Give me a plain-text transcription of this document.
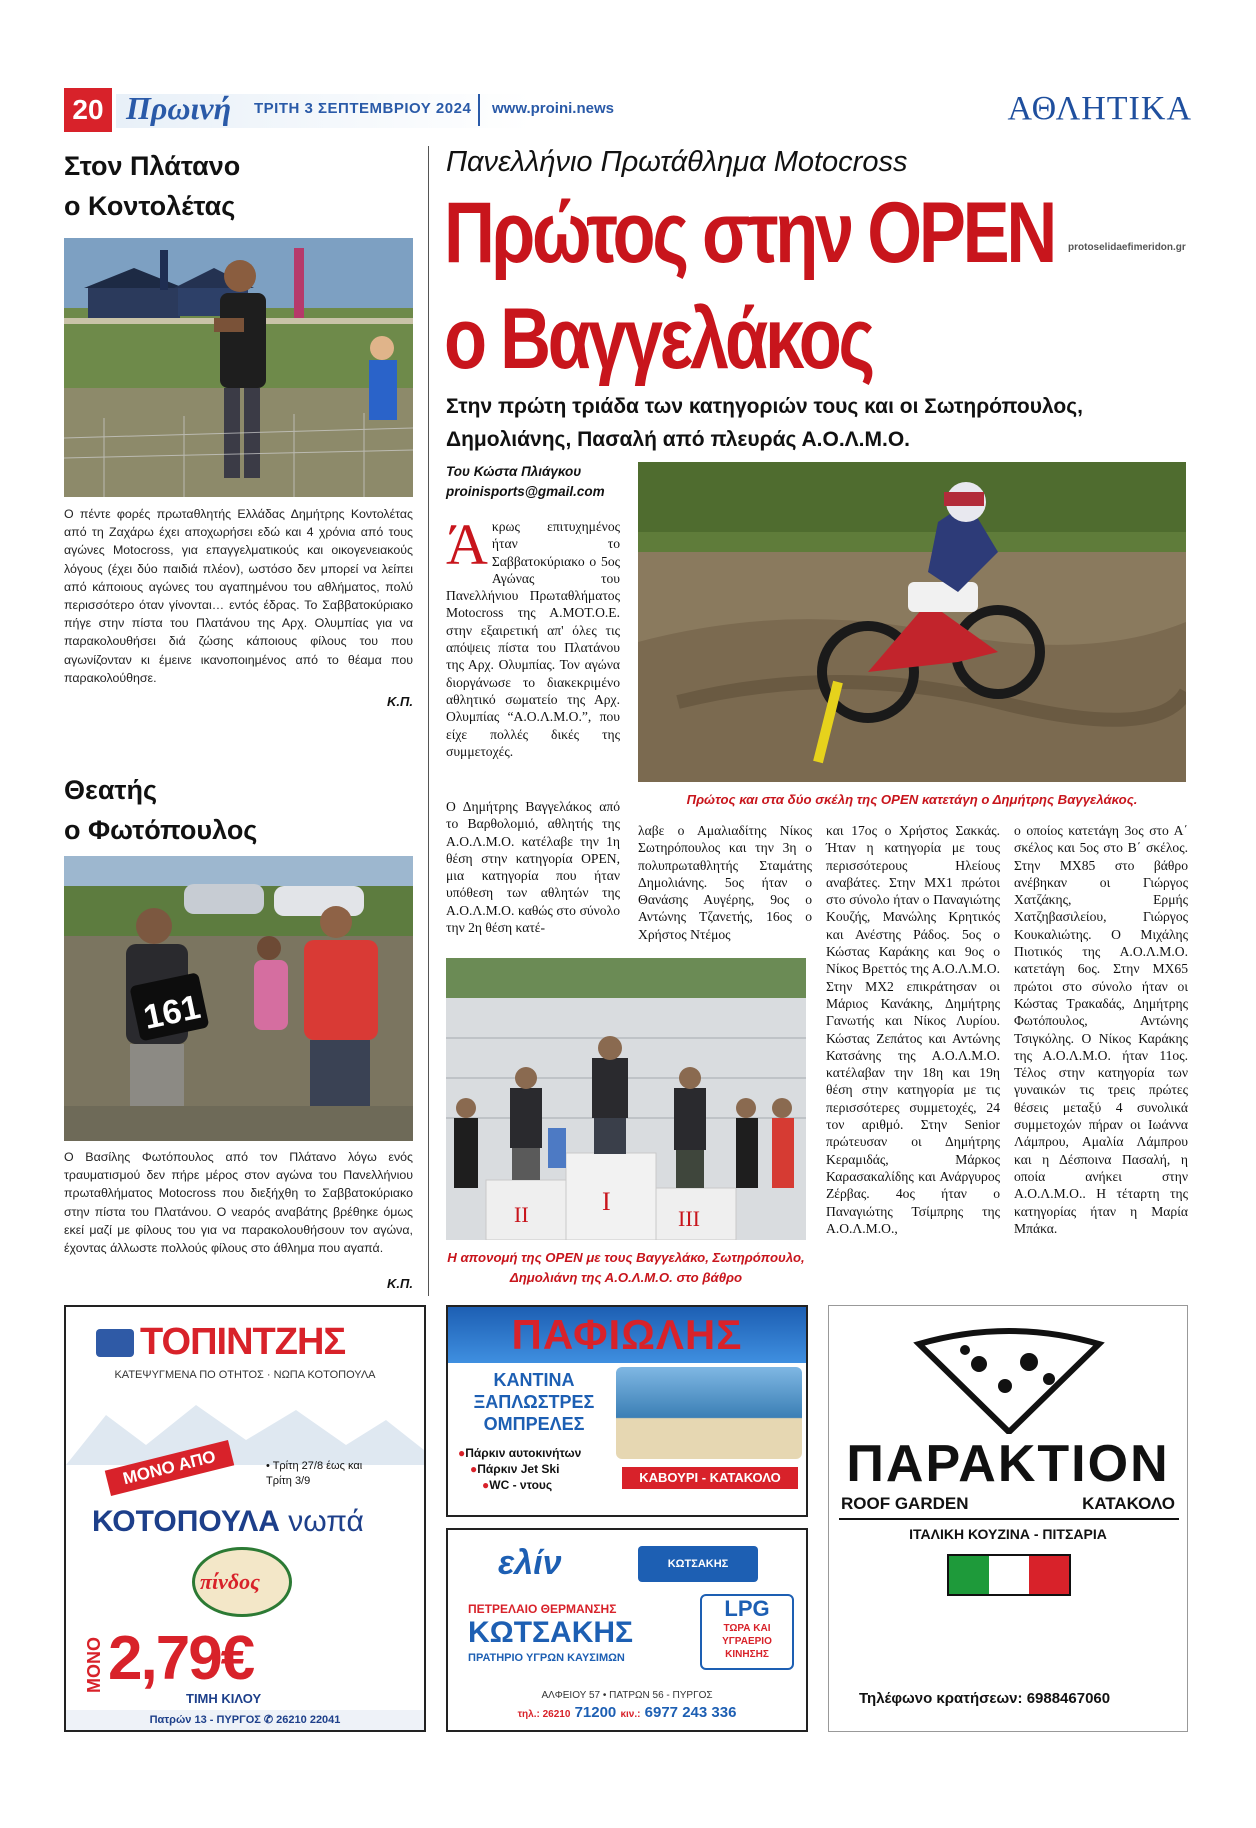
20 Πρωινή ΤΡΙΤΗ 3 ΣΕΠΤΕΜΒΡΙΟΥ 2024 www.proini.news	ΑΘΛΗΤΙΚΑ
Στον Πλάτανο
ο Κοντολέτας
Ο πέντε φορές πρωταθλητής Ελλάδας Δημήτρης Κοντολέτας από τη Ζαχάρω έχει αποχωρήσει εδώ και 4 χρόνια από τους αγώνες Motocross, για επαγγελματικούς και οικογενειακούς λόγους (έχει δύο παιδιά πλέον), ωστόσο δεν μπορεί να λείπει από κάποιους αγώνες του αγαπημένου του αθλήματος, πολύ περισσότερο όταν γίνονται… εντός έδρας. Το Σαββατοκύριακο πήγε στην πίστα του Πλατάνου της Αρχ. Ολυμπίας για να παρακολουθήσει διά ζώσης κάποιους φίλους του που αγωνίζονταν κι έμεινε ικανοποιημένος από το θέαμα που παρακολούθησε.
Κ.Π.
Θεατής
ο Φωτόπουλος
161
Ο Βασίλης Φωτόπουλος από τον Πλάτανο λόγω ενός τραυματισμού δεν πήρε μέρος στον αγώνα του Πανελλήνιου πρωταθλήματος Motocross που διεξήχθη το Σαββατοκύριακο στην πίστα του Πλατάνου. Ο νεαρός αναβάτης βρέθηκε όμως εκεί μαζί με φίλους του για να παρακολουθήσουν τον αγώνα, έχοντας άλλωστε πολλούς φίλους στο άθλημα που αγαπά.
Κ.Π.
Πανελλήνιο Πρωτάθλημα Motocross
Πρώτος στην OPEN
ο Βαγγελάκος
protoselidaefimeridon.gr
Στην πρώτη τριάδα των κατηγοριών τους και οι Σωτηρόπουλος, Δημολιάνης, Πασαλή από πλευράς Α.Ο.Λ.Μ.Ο.
Του Κώστα Πλιάγκου
proinisports@gmail.com
Άκρως επιτυχημένος ήταν το Σαββατοκύριακο ο 5ος Αγώνας του Πανελλήνιου Πρωταθλήματος Motocross της Α.ΜΟΤ.Ο.Ε. στην εξαιρετική απ' όλες τις απόψεις πίστα του Πλατάνου της Αρχ. Ολυμπίας. Τον αγώνα διοργάνωσε το διακεκριμένο αθλητικό σωματείο της Αρχ. Ολυμπίας “Α.Ο.Λ.Μ.Ο.”, που είχε πολλές δικές της συμμετοχές.
Ο Δημήτρης Βαγγελάκος από το Βαρθολομιό, αθλητής της Α.Ο.Λ.Μ.Ο. κατέλαβε την 1η θέση στην κατηγορία OPEN, μια κατηγορία που ήταν υπόθεση των αθλητών της Α.Ο.Λ.Μ.Ο. καθώς στο σύνολο την 2η θέση κατέ-
Πρώτος και στα δύο σκέλη της OPEN κατετάγη ο Δημήτρης Βαγγελάκος.
λαβε ο Αμαλιαδίτης Νίκος Σωτηρόπουλος και την 3η ο πολυπρωταθλητής Σταμάτης Δημολιάνης. 5ος ήταν ο Θανάσης Αυγέρης, 9ος ο Αντώνης Τζανετής, 16ος ο Χρήστος Ντέμος
και 17ος ο Χρήστος Σακκάς. Ήταν η κατηγορία με τους περισσότερους Ηλείους αναβάτες. Στην MX1 πρώτοι στο σύνολο ήταν ο Παναγιώτης Κουζής, Μανώλης Κρητικός και Ανέστης Ράδος. 5ος ο Κώστας Καράκης και 9ος ο Νίκος Βρεττός της Α.Ο.Λ.Μ.Ο. Στην MX2 επικράτησαν οι Μάριος Κανάκης, Δημήτρης Γανωτής και Νίκος Λυρίου. Κώστας Ζεπάτος και Αντώνης Κατσάνης της Α.Ο.Λ.Μ.Ο. κατέλαβαν την 18η και 19η θέση στην κατηγορία με τις περισσότερες συμμετοχές, 24 τον αριθμό. Στην Senior πρώτευσαν οι Δημήτρης Κεραμιδάς, Μάρκος Καρασακαλίδης και Ανάργυρος Ζέρβας. 4ος ήταν ο Παναγιώτης Τσίμπρης της Α.Ο.Λ.Μ.Ο.,
ο οποίος κατετάγη 3ος στο Α΄ σκέλος και 5ος στο Β΄ σκέλος. Στην MX85 στο βάθρο ανέβηκαν οι Γιώργος Χατζάκης, Ερμής Χατζηβασιλείου, Γιώργος Κουκαλιώτης. Ο Μιχάλης Πιοτικός της Α.Ο.Λ.Μ.Ο. κατετάγη 6ος. Στην MX65 πρώτοι στο σύνολο ήταν οι Κώστας Τρακαδάς, Δημήτρης Φωτόπουλος, Αντώνης Τσιγκόλης. Ο Νίκος Καράκης της Α.Ο.Λ.Μ.Ο. ήταν 11ος. Τέλος στην κατηγορία των γυναικών τις τρεις πρώτες θέσεις μεταξύ 4 συνολικά συμμετοχών πήραν οι Ιωάννα Λάμπρου, Αμαλία Λάμπρου και η Δέσποινα Πασαλή, η οποία ανήκει στην Α.Ο.Λ.Μ.Ο.. Η τέταρτη της κατηγορίας ήταν η Μαρία Μπάκα.
I
II	III
Η απονομή της OPEN με τους Βαγγελάκο, Σωτηρόπουλο, Δημολιάνη της Α.Ο.Λ.Μ.Ο. στο βάθρο
ΤΟΠΙΝΤΖΗΣ
ΚΑΤΕΨΥΓΜΕΝΑ ΠΟ ΟΤΗΤΟΣ · ΝΩΠΑ ΚΟΤΟΠΟΥΛΑ
ΜΟΝΟ ΑΠΟ	• Τρίτη 27/8 έως και Τρίτη 3/9
ΚΟΤΟΠΟΥΛΑ νωπά
πίνδος
ΜΟΝΟ 2,79€
ΤΙΜΗ ΚΙΛΟΥ
Πατρών 13 - ΠΥΡΓΟΣ ✆ 26210 22041
ΠΑΦΙΩΛΗΣ
ΚΑΝΤΙΝΑ
ΞΑΠΛΩΣΤΡΕΣ
ΟΜΠΡΕΛΕΣ
●Πάρκιν αυτοκινήτων
●Πάρκιν Jet Ski
●WC - ντους	ΚΑΒΟΥΡΙ - ΚΑΤΑΚΟΛΟ
ελίν	ΚΩΤΣΑΚΗΣ
ΠΕΤΡΕΛΑΙΟ ΘΕΡΜΑΝΣΗΣ
ΚΩΤΣΑΚΗΣ
ΠΡΑΤΗΡΙΟ ΥΓΡΩΝ ΚΑΥΣΙΜΩΝ
LPG
ΤΩΡΑ ΚΑΙ ΥΓΡΑΕΡΙΟ ΚΙΝΗΣΗΣ
ΑΛΦΕΙΟΥ 57 • ΠΑΤΡΩΝ 56 - ΠΥΡΓΟΣ
τηλ.: 26210 71200 κιν.: 6977 243 336
ΠΑΡΑΚΤΙΟΝ
ROOF GARDEN	ΚΑΤΑΚΟΛΟ
ΙΤΑΛΙΚΗ ΚΟΥΖΙΝΑ - ΠΙΤΣΑΡΙΑ
Τηλέφωνο κρατήσεων: 6988467060
